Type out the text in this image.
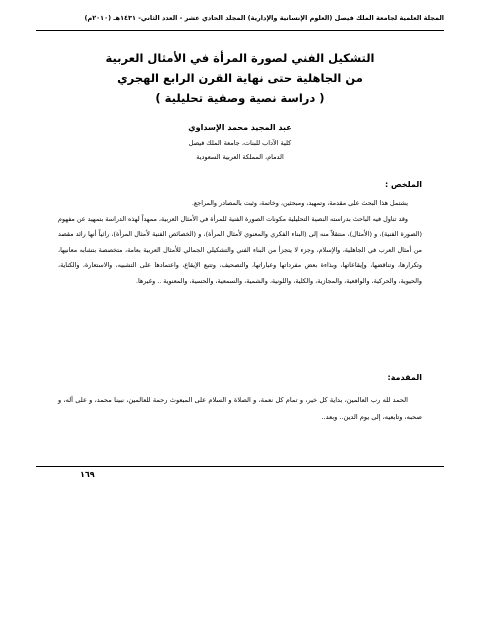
المجلة العلمية لجامعة الملك فيصل (العلوم الإنسانية والإدارية) المجلد الحادي عشر - العدد الثاني- ١٤٣١هـ (٢٠١٠م)
التشكيل الفني لصورة المرأة في الأمثال العربية
من الجاهلية حتى نهاية القرن الرابع الهجري
( دراسة نصية وصفية تحليلية )
عبد المجيد محمد الإسداوي
كلية الآداب للبنات، جامعة الملك فيصل
الدمام، المملكة العربية السعودية
الملخص :

يشتمل هذا البحث على مقدمة، وتمهيد، ومبحثين، وخاتمة، وثبت بالمصادر والمراجع.

وقد تناول فيه الباحث بدراسته النصية التحليلية مكونات الصورة الفنية للمرأة في الأمثال العربية، ممهداً لهذه الدراسة بتمهيد عن مفهوم (الصورة الفنية)، و (الأمثال)، منتقلاً منه إلى (البناء الفكري والمعنوي لأمثال المرأة)، و (الخصائص الفنية لأمثال المرأة)، راثياً أنها رائد مقصد من أمثال العرب في الجاهلية، والإسلام، وجزء لا يتجزأ من البناء الفني والتشكيلي الجمالي للأمثال العربية بعامة، متخصصة بتشابه معانيها، وتكرارها، وتناقضها، وإيقاعاتها، وبذاءة بعض مفرداتها وعباراتها، والتصحيف، وتتبع الإيقاع، واعتمادها على التشبيه، والاستعارة، والكناية، والحيوية، والحركية، والواقعية، والمجازية، والكلية، واللونية، والشمية، والسمعية، والحسية، والمعنوية .. وغيرها.

المقدمة:

الحمد لله رب العالمين، بداية كل خير، و تمام كل نعمة، و الصلاة و السلام على المبعوث رحمة للعالمين، نبينا محمد، و على آله، و صحبه، وتابعيه، إلى يوم الدين.. وبعد..

١٦٩
